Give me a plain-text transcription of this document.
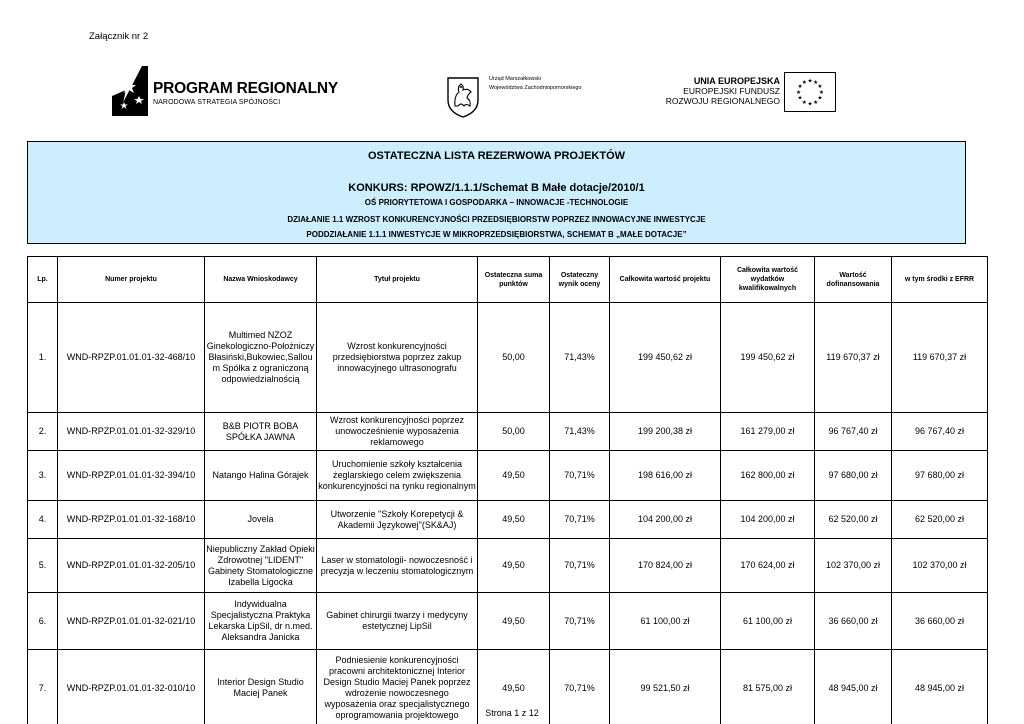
Załącznik nr 2
PROGRAM REGIONALNY
NARODOWA STRATEGIA SPÓJNOŚCI
Urząd Marszałkowski
Województwa Zachodniopomorskiego
UNIA EUROPEJSKA
EUROPEJSKI FUNDUSZ
ROZWOJU REGIONALNEGO
★ ★
★
★
★
★
★
★
★
★
★
★
OSTATECZNA LISTA REZERWOWA PROJEKTÓW
KONKURS: RPOWZ/1.1.1/Schemat B Małe dotacje/2010/1
OŚ PRIORYTETOWA I GOSPODARKA – INNOWACJE -TECHNOLOGIE
DZIAŁANIE 1.1 WZROST KONKURENCYJNOŚCI PRZEDSIĘBIORSTW POPRZEZ INNOWACYJNE INWESTYCJE
PODDZIAŁANIE 1.1.1 INWESTYCJE W MIKROPRZEDSIĘBIORSTWA, SCHEMAT B „MAŁE DOTACJE”
Lp.	Numer projektu	Nazwa Wnioskodawcy	Tytuł projektu	Ostateczna suma punktów	Ostateczny wynik oceny	Całkowita wartość projektu	Całkowita wartość wydatków kwalifikowalnych	Wartość dofinansowania	w tym środki z EFRR
1.	WND-RPZP.01.01.01-32-468/10	Multimed NZOZ Ginekologiczno-Położniczy Błasiński,Bukowiec,Sallou m Spółka z ograniczoną odpowiedzialnością	Wzrost konkurencyjności przedsiębiorstwa poprzez zakup innowacyjnego ultrasonografu	50,00	71,43%	199 450,62 zł	199 450,62 zł	119 670,37 zł	119 670,37 zł
2.	WND-RPZP.01.01.01-32-329/10	B&B PIOTR BOBA SPÓŁKA JAWNA	Wzrost konkurencyjności poprzez unowocześnienie wyposażenia reklamowego	50,00	71,43%	199 200,38 zł	161 279,00 zł	96 767,40 zł	96 767,40 zł
3.	WND-RPZP.01.01.01-32-394/10	Natango Halina Górajek	Uruchomienie szkoły kształcenia żeglarskiego celem zwiększenia konkurencyjności na rynku regionalnym	49,50	70,71%	198 616,00 zł	162 800,00 zł	97 680,00 zł	97 680,00 zł
4.	WND-RPZP.01.01.01-32-168/10	Jovela	Utworzenie "Szkoły Korepetycji & Akademii Językowej"(SK&AJ)	49,50	70,71%	104 200,00 zł	104 200,00 zł	62 520,00 zł	62 520,00 zł
5.	WND-RPZP.01.01.01-32-205/10	Niepubliczny Zakład Opieki Zdrowotnej "LIDENT" Gabinety Stomatologiczne Izabella Ligocka	Laser w stomatologii- nowoczesność i precyzja w leczeniu stomatologicznym	49,50	70,71%	170 824,00 zł	170 624,00 zł	102 370,00 zł	102 370,00 zł
6.	WND-RPZP.01.01.01-32-021/10	Indywidualna Specjalistyczna Praktyka Lekarska LipSil, dr n.med. Aleksandra Janicka	Gabinet chirurgii twarzy i medycyny estetycznej LipSil	49,50	70,71%	61 100,00 zł	61 100,00 zł	36 660,00 zł	36 660,00 zł
7.	WND-RPZP.01.01.01-32-010/10	Interior Design Studio Maciej Panek	Podniesienie konkurencyjności pracowni architektonicznej Interior Design Studio Maciej Panek poprzez wdrożenie nowoczesnego wyposażenia oraz specjalistycznego oprogramowania projektowego	49,50	70,71%	99 521,50 zł	81 575,00 zł	48 945,00 zł	48 945,00 zł
Strona 1 z 12
